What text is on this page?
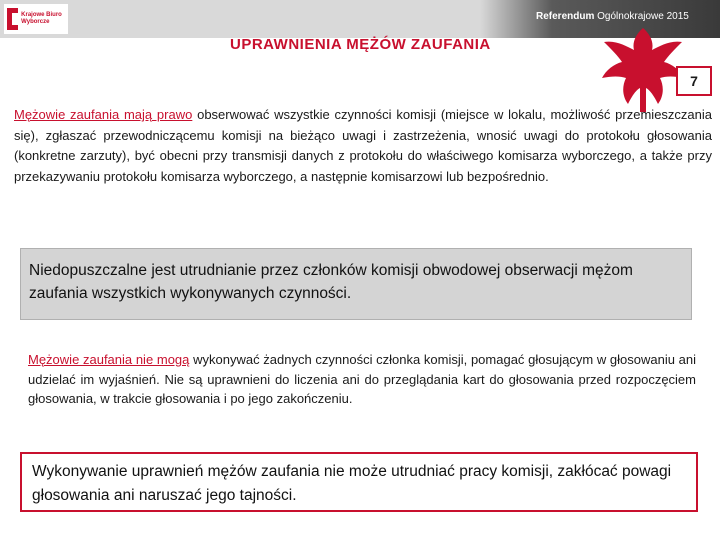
Krajowe Biuro Wyborcze	Referendum Ogólnokrajowe 2015
UPRAWNIENIA MĘŻÓW ZAUFANIA
7

Mężowie zaufania mają prawo obserwować wszystkie czynności komisji (miejsce w lokalu, możliwość przemieszczania się), zgłaszać przewodniczącemu komisji na bieżąco uwagi i zastrzeżenia, wnosić uwagi do protokołu głosowania (konkretne zarzuty), być obecni przy transmisji danych z protokołu do właściwego komisarza wyborczego, a także przy przekazywaniu protokołu komisarza wyborczego, a następnie komisarzowi lub bezpośrednio.

Niedopuszczalne jest utrudnianie przez członków komisji obwodowej obserwacji mężom zaufania wszystkich wykonywanych czynności.

Mężowie zaufania nie mogą wykonywać żadnych czynności członka komisji, pomagać głosującym w głosowaniu ani udzielać im wyjaśnień. Nie są uprawnieni do liczenia ani do przeglądania kart do głosowania przed rozpoczęciem głosowania, w trakcie głosowania i po jego zakończeniu.

Wykonywanie uprawnień mężów zaufania nie może utrudniać pracy komisji, zakłócać powagi głosowania ani naruszać jego tajności.
